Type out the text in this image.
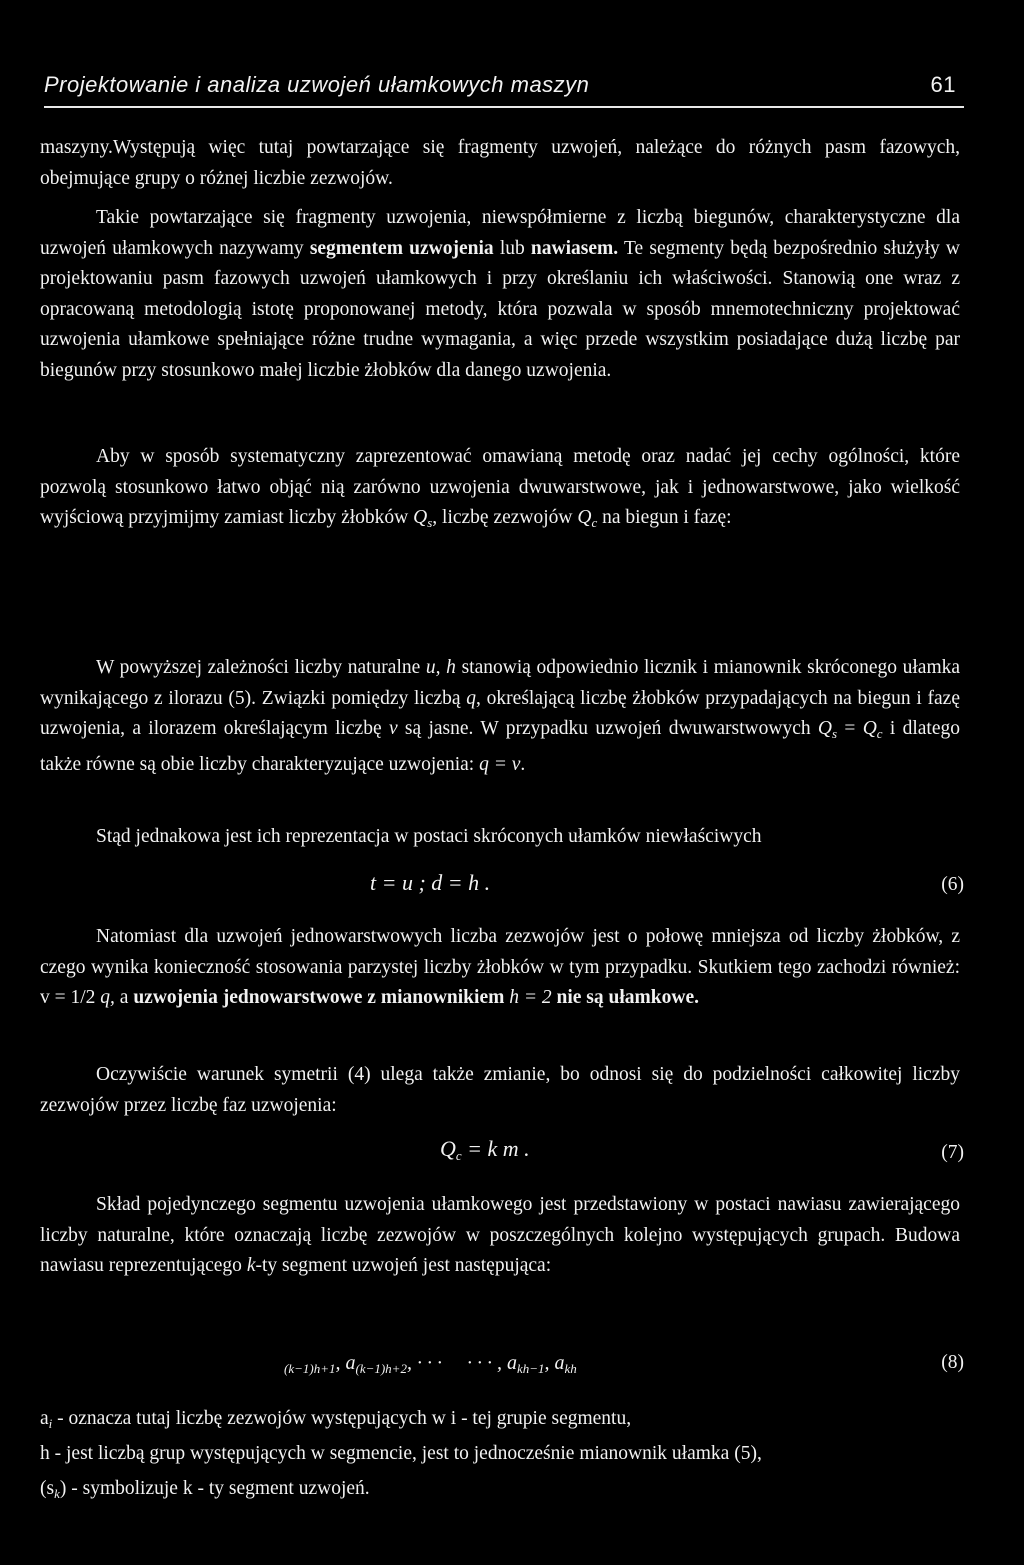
Projektowanie i analiza uzwojeń ułamkowych maszyn	61

maszyny.Występują więc tutaj powtarzające się fragmenty uzwojeń, należące do różnych pasm fazowych, obejmujące grupy o różnej liczbie zezwojów.

Takie powtarzające się fragmenty uzwojenia, niewspółmierne z liczbą biegunów, charakterystyczne dla uzwojeń ułamkowych nazywamy segmentem uzwojenia lub nawiasem. Te segmenty będą bezpośrednio służyły w projektowaniu pasm fazowych uzwojeń ułamkowych i przy określaniu ich właściwości. Stanowią one wraz z opracowaną metodologią istotę proponowanej metody, która pozwala w sposób mnemotechniczny projektować uzwojenia ułamkowe spełniające różne trudne wymagania, a więc przede wszystkim posiadające dużą liczbę par biegunów przy stosunkowo małej liczbie żłobków dla danego uzwojenia.

Aby w sposób systematyczny zaprezentować omawianą metodę oraz nadać jej cechy ogólności, które pozwolą stosunkowo łatwo objąć nią zarówno uzwojenia dwuwarstwowe, jak i jednowarstwowe, jako wielkość wyjściową przyjmijmy zamiast liczby żłobków $Q_s$, liczbę zezwojów $Q_c$ na biegun i fazę:

W powyższej zależności liczby naturalne u, h stanowią odpowiednio licznik i mianownik skróconego ułamka wynikającego z ilorazu (5). Związki pomiędzy liczbą q, określającą liczbę żłobków przypadających na biegun i fazę uzwojenia, a ilorazem określającym liczbę v są jasne. W przypadku uzwojeń dwuwarstwowych $Q_s = Q_c$ i dlatego także równe są obie liczby charakteryzujące uzwojenia: q = v.

Stąd jednakowa jest ich reprezentacja w postaci skróconych ułamków niewłaściwych

t = u ; d = h .	(6)

Natomiast dla uzwojeń jednowarstwowych liczba zezwojów jest o połowę mniejsza od liczby żłobków, z czego wynika konieczność stosowania parzystej liczby żłobków w tym przypadku. Skutkiem tego zachodzi również: v = 1/2 q, a uzwojenia jednowarstwowe z mianownikiem h = 2 nie są ułamkowe.

Oczywiście warunek symetrii (4) ulega także zmianie, bo odnosi się do podzielności całkowitej liczby zezwojów przez liczbę faz uzwojenia:

$Q_c = k$ m .	(7)

Skład pojedynczego segmentu uzwojenia ułamkowego jest przedstawiony w postaci nawiasu zawierającego liczby naturalne, które oznaczają liczbę zezwojów w poszczególnych kolejno występujących grupach. Budowa nawiasu reprezentującego k-ty segment uzwojeń jest następująca:

$_{(k-1)h+1}$, $a_{(k-1)h+2}$, · · · · · · , $a_{kh-1}$, $a_{kh}$	(8)
$a_i$ - oznacza tutaj liczbę zezwojów występujących w i - tej grupie segmentu,
h - jest liczbą grup występujących w segmencie, jest to jednocześnie mianownik ułamka (5),
$(s_k)$ - symbolizuje k - ty segment uzwojeń.
